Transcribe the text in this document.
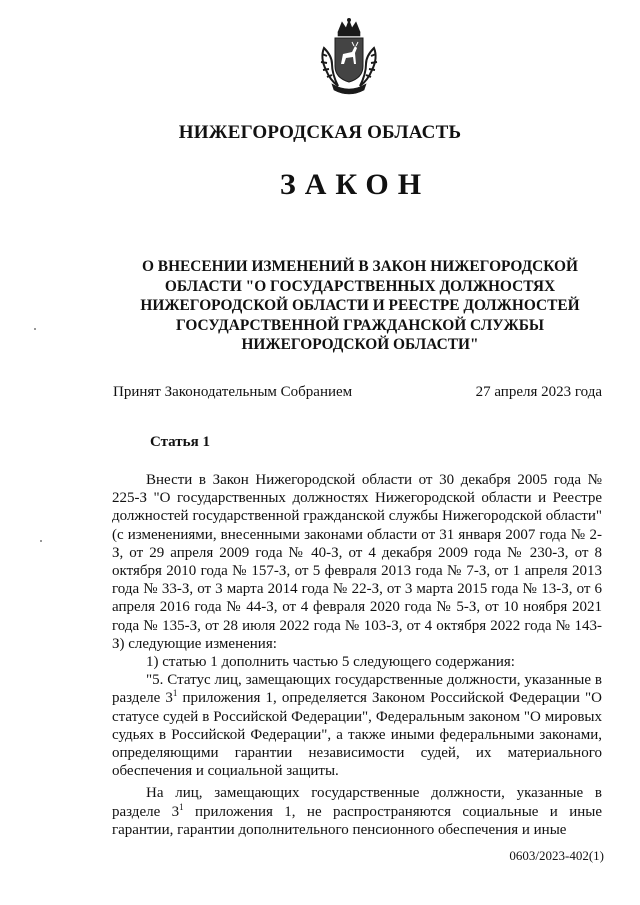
НИЖЕГОРОДСКАЯ ОБЛАСТЬ
ЗАКОН
О ВНЕСЕНИИ ИЗМЕНЕНИЙ В ЗАКОН НИЖЕГОРОДСКОЙ
ОБЛАСТИ "О ГОСУДАРСТВЕННЫХ ДОЛЖНОСТЯХ
НИЖЕГОРОДСКОЙ ОБЛАСТИ И РЕЕСТРЕ ДОЛЖНОСТЕЙ
ГОСУДАРСТВЕННОЙ ГРАЖДАНСКОЙ СЛУЖБЫ
НИЖЕГОРОДСКОЙ ОБЛАСТИ"
Принят Законодательным Собранием	27 апреля 2023 года
Статья 1

Внести в Закон Нижегородской области от 30 декабря 2005 года № 225-З "О государственных должностях Нижегородской области и Реестре должностей государственной гражданской службы Нижегородской области" (с изменениями, внесенными законами области от 31 января 2007 года № 2-З, от 29 апреля 2009 года № 40-З, от 4 декабря 2009 года № 230-З, от 8 октября 2010 года № 157-З, от 5 февраля 2013 года № 7-З, от 1 апреля 2013 года № 33-З, от 3 марта 2014 года № 22-З, от 3 марта 2015 года № 13-З, от 6 апреля 2016 года № 44-З, от 4 февраля 2020 года № 5-З, от 10 ноября 2021 года № 135-З, от 28 июля 2022 года № 103-З, от 4 октября 2022 года № 143-З) следующие изменения:

1) статью 1 дополнить частью 5 следующего содержания:

"5. Статус лиц, замещающих государственные должности, указанные в разделе $3^1$ приложения 1, определяется Законом Российской Федерации "О статусе судей в Российской Федерации", Федеральным законом "О мировых судьях в Российской Федерации", а также иными федеральными законами, определяющими гарантии независимости судей, их материального обеспечения и социальной защиты.

На лиц, замещающих государственные должности, указанные в разделе $3^1$ приложения 1, не распространяются социальные и иные гарантии, гарантии дополнительного пенсионного обеспечения и иные

0603/2023-402(1)
